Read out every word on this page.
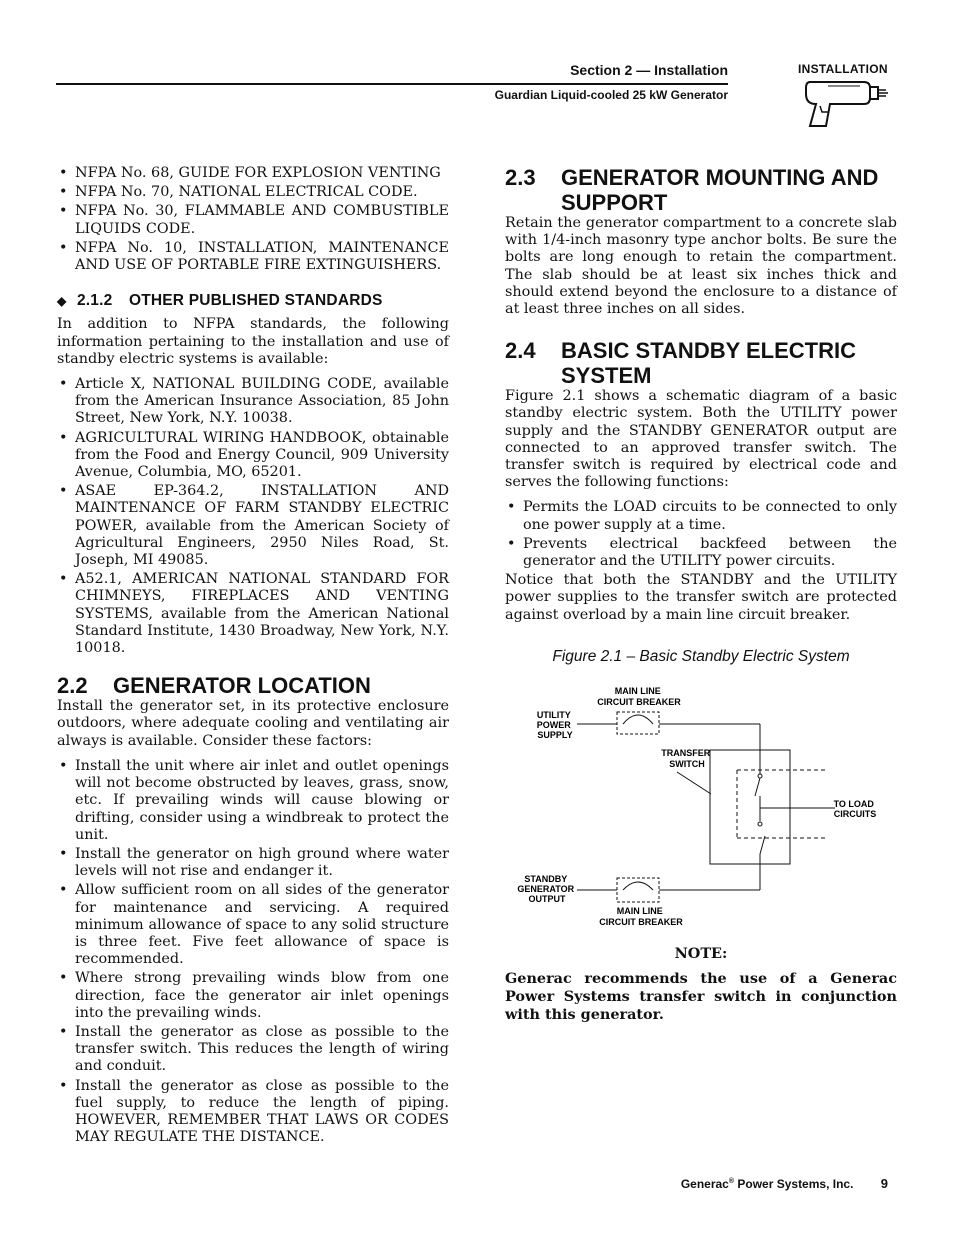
Section 2 — Installation
Guardian Liquid-cooled 25 kW Generator
INSTALLATION
• NFPA No. 68, GUIDE FOR EXPLOSION VENTING
• NFPA No. 70, NATIONAL ELECTRICAL CODE.
• NFPA No. 30, FLAMMABLE AND COMBUSTIBLE LIQUIDS CODE.
• NFPA No. 10, INSTALLATION, MAINTENANCE AND USE OF PORTABLE FIRE EXTINGUISHERS.
◆ 2.1.2 OTHER PUBLISHED STANDARDS

In addition to NFPA standards, the following information pertaining to the installation and use of standby electric systems is available:

• Article X, NATIONAL BUILDING CODE, available from the American Insurance Association, 85 John Street, New York, N.Y. 10038.
• AGRICULTURAL WIRING HANDBOOK, obtainable from the Food and Energy Council, 909 University Avenue, Columbia, MO, 65201.
• ASAE EP-364.2, INSTALLATION AND MAINTENANCE OF FARM STANDBY ELECTRIC POWER, available from the American Society of Agricultural Engineers, 2950 Niles Road, St. Joseph, MI 49085.
• A52.1, AMERICAN NATIONAL STANDARD FOR CHIMNEYS, FIREPLACES AND VENTING SYSTEMS, available from the American National Standard Institute, 1430 Broadway, New York, N.Y. 10018.
2.2	GENERATOR LOCATION

Install the generator set, in its protective enclosure outdoors, where adequate cooling and ventilating air always is available. Consider these factors:

• Install the unit where air inlet and outlet openings will not become obstructed by leaves, grass, snow, etc. If prevailing winds will cause blowing or drifting, consider using a windbreak to protect the unit.
• Install the generator on high ground where water levels will not rise and endanger it.
• Allow sufficient room on all sides of the generator for maintenance and servicing. A required minimum allowance of space to any solid structure is three feet. Five feet allowance of space is recommended.
• Where strong prevailing winds blow from one direction, face the generator air inlet openings into the prevailing winds.
• Install the generator as close as possible to the transfer switch. This reduces the length of wiring and conduit.
• Install the generator as close as possible to the fuel supply, to reduce the length of piping. HOWEVER, REMEMBER THAT LAWS OR CODES MAY REGULATE THE DISTANCE.
2.3	GENERATOR MOUNTING AND SUPPORT

Retain the generator compartment to a concrete slab with 1/4-inch masonry type anchor bolts. Be sure the bolts are long enough to retain the compartment. The slab should be at least six inches thick and should extend beyond the enclosure to a distance of at least three inches on all sides.

2.4	BASIC STANDBY ELECTRIC SYSTEM

Figure 2.1 shows a schematic diagram of a basic standby electric system. Both the UTILITY power supply and the STANDBY GENERATOR output are connected to an approved transfer switch. The transfer switch is required by electrical code and serves the following functions:

• Permits the LOAD circuits to be connected to only one power supply at a time.
• Prevents electrical backfeed between the generator and the UTILITY power circuits.

Notice that both the STANDBY and the UTILITY power supplies to the transfer switch are protected against overload by a main line circuit breaker.

Figure 2.1 – Basic Standby Electric System
MAIN LINE CIRCUIT BREAKER
UTILITY POWER SUPPLY
TRANSFER SWITCH
TO LOAD CIRCUITS
STANDBY GENERATOR OUTPUT
MAIN LINE CIRCUIT BREAKER
NOTE:
Generac recommends the use of a Generac Power Systems transfer switch in conjunction with this generator.
Generac® Power Systems, Inc. 9
